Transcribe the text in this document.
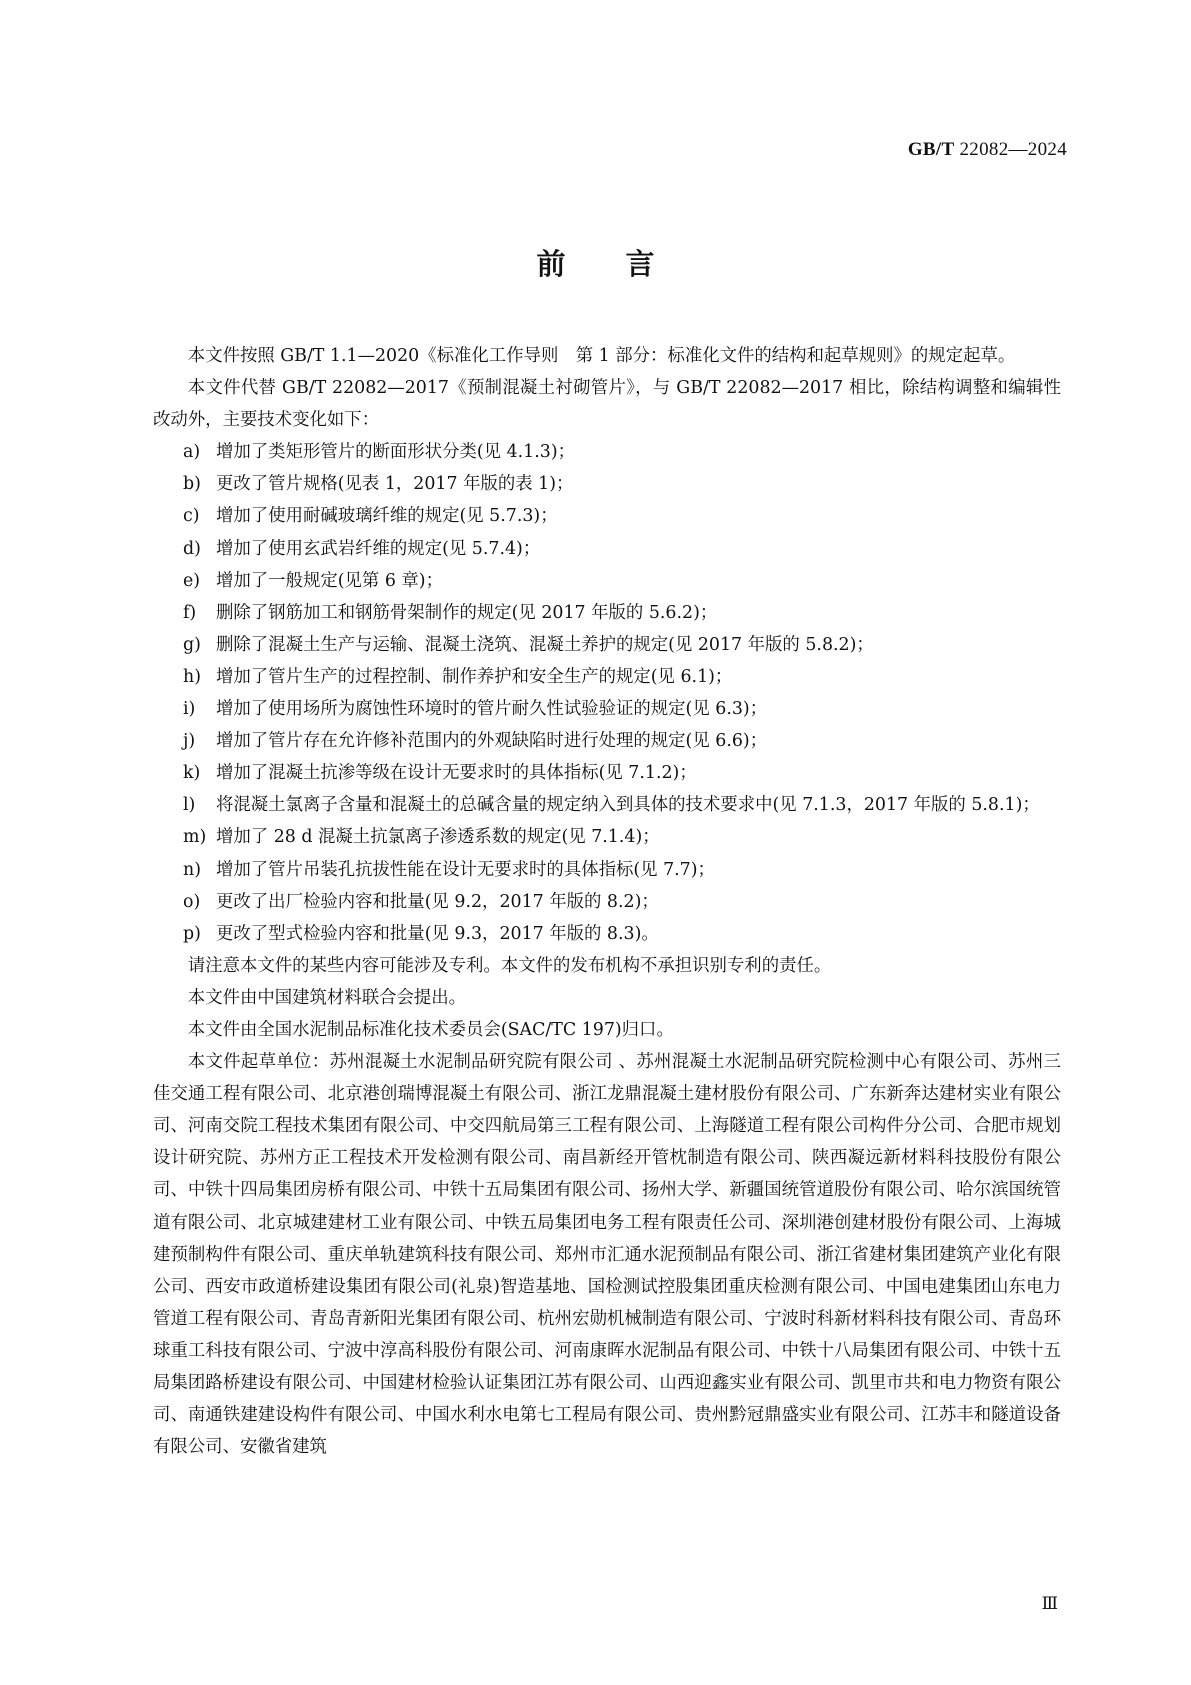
GB/T 22082—2024
前言

本文件按照 GB/T 1.1—2020《标准化工作导则　第 1 部分：标准化文件的结构和起草规则》的规定起草。

本文件代替 GB/T 22082—2017《预制混凝土衬砌管片》，与 GB/T 22082—2017 相比，除结构调整和编辑性改动外，主要技术变化如下：

a) 增加了类矩形管片的断面形状分类(见 4.1.3)；
b) 更改了管片规格(见表 1，2017 年版的表 1)；
c) 增加了使用耐碱玻璃纤维的规定(见 5.7.3)；
d) 增加了使用玄武岩纤维的规定(见 5.7.4)；
e) 增加了一般规定(见第 6 章)；
f) 删除了钢筋加工和钢筋骨架制作的规定(见 2017 年版的 5.6.2)；
g) 删除了混凝土生产与运输、混凝土浇筑、混凝土养护的规定(见 2017 年版的 5.8.2)；
h) 增加了管片生产的过程控制、制作养护和安全生产的规定(见 6.1)；
i) 增加了使用场所为腐蚀性环境时的管片耐久性试验验证的规定(见 6.3)；
j) 增加了管片存在允许修补范围内的外观缺陷时进行处理的规定(见 6.6)；
k) 增加了混凝土抗渗等级在设计无要求时的具体指标(见 7.1.2)；
l) 将混凝土氯离子含量和混凝土的总碱含量的规定纳入到具体的技术要求中(见 7.1.3，2017 年版的 5.8.1)；
m) 增加了 28 d 混凝土抗氯离子渗透系数的规定(见 7.1.4)；
n) 增加了管片吊装孔抗拔性能在设计无要求时的具体指标(见 7.7)；
o) 更改了出厂检验内容和批量(见 9.2，2017 年版的 8.2)；
p) 更改了型式检验内容和批量(见 9.3，2017 年版的 8.3)。

请注意本文件的某些内容可能涉及专利。本文件的发布机构不承担识别专利的责任。

本文件由中国建筑材料联合会提出。

本文件由全国水泥制品标准化技术委员会(SAC/TC 197)归口。

本文件起草单位：苏州混凝土水泥制品研究院有限公司 、苏州混凝土水泥制品研究院检测中心有限公司、苏州三佳交通工程有限公司、北京港创瑞博混凝土有限公司、浙江龙鼎混凝土建材股份有限公司、广东新奔达建材实业有限公司、河南交院工程技术集团有限公司、中交四航局第三工程有限公司、上海隧道工程有限公司构件分公司、合肥市规划设计研究院、苏州方正工程技术开发检测有限公司、南昌新经开管枕制造有限公司、陕西凝远新材料科技股份有限公司、中铁十四局集团房桥有限公司、中铁十五局集团有限公司、扬州大学、新疆国统管道股份有限公司、哈尔滨国统管道有限公司、北京城建建材工业有限公司、中铁五局集团电务工程有限责任公司、深圳港创建材股份有限公司、上海城建预制构件有限公司、重庆单轨建筑科技有限公司、郑州市汇通水泥预制品有限公司、浙江省建材集团建筑产业化有限公司、西安市政道桥建设集团有限公司(礼泉)智造基地、国检测试控股集团重庆检测有限公司、中国电建集团山东电力管道工程有限公司、青岛青新阳光集团有限公司、杭州宏勋机械制造有限公司、宁波时科新材料科技有限公司、青岛环球重工科技有限公司、宁波中淳高科股份有限公司、河南康晖水泥制品有限公司、中铁十八局集团有限公司、中铁十五局集团路桥建设有限公司、中国建材检验认证集团江苏有限公司、山西迎鑫实业有限公司、凯里市共和电力物资有限公司、南通铁建建设构件有限公司、中国水利水电第七工程局有限公司、贵州黔冠鼎盛实业有限公司、江苏丰和隧道设备有限公司、安徽省建筑

Ⅲ
